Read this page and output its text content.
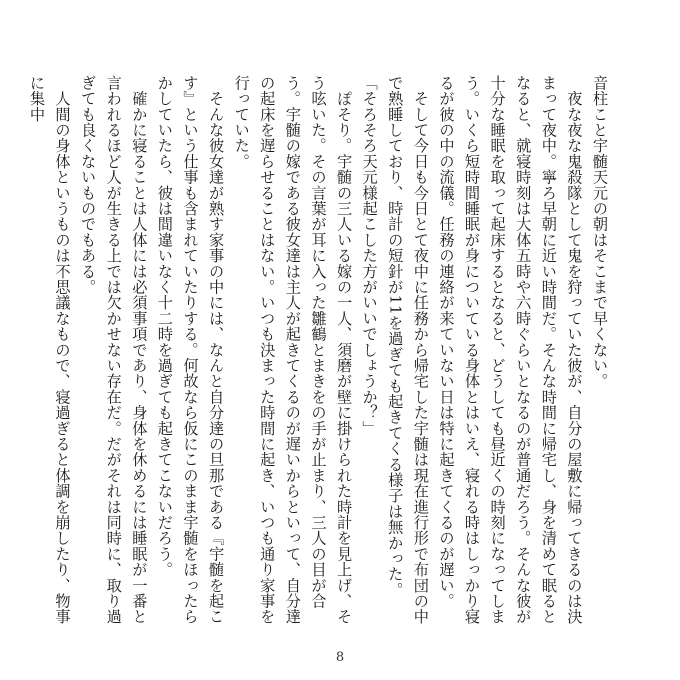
音柱こと宇髄天元の朝はそこまで早くない。
　夜な夜な鬼殺隊として鬼を狩っていた彼が、自分の屋敷に帰ってきるのは決まって夜中。寧ろ早朝に近い時間だ。そんな時間に帰宅し、身を清めて眠るとなると、就寝時刻は大体五時や六時ぐらいとなるのが普通だろう。そんな彼が十分な睡眠を取って起床するとなると、どうしても昼近くの時刻になってしまう。いくら短時間睡眠が身についている身体とはいえ、寝れる時はしっかり寝るが彼の中の流儀。任務の連絡が来ていない日は特に起きてくるのが遅い。
　そして今日も今日とて夜中に任務から帰宅した宇髄は現在進行形で布団の中で熟睡しており、時計の短針が11を過ぎても起きてくる様子は無かった。
「そろそろ天元様起こした方がいいでしょうか？」
　ぽそり。宇髄の三人いる嫁の一人、須磨が壁に掛けられた時計を見上げ、そう呟いた。その言葉が耳に入った雛鶴とまきをの手が止まり、三人の目が合う。宇髄の嫁である彼女達は主人が起きてくるのが遅いからといって、自分達の起床を遅らせることはない。いつも決まった時間に起き、いつも通り家事を行っていた。
　そんな彼女達が熟す家事の中には、なんと自分達の旦那である『宇髄を起こす』という仕事も含まれていたりする。何故なら仮にこのまま宇髄をほったらかしていたら、彼は間違いなく十二時を過ぎても起きてこないだろう。
　確かに寝ることは人体には必須事項であり、身体を休めるには睡眠が一番と言われるほど人が生きる上では欠かせない存在だ。だがそれは同時に、取り過ぎても良くないものでもある。
　人間の身体というものは不思議なもので、寝過ぎると体調を崩したり、物事に集中
8
